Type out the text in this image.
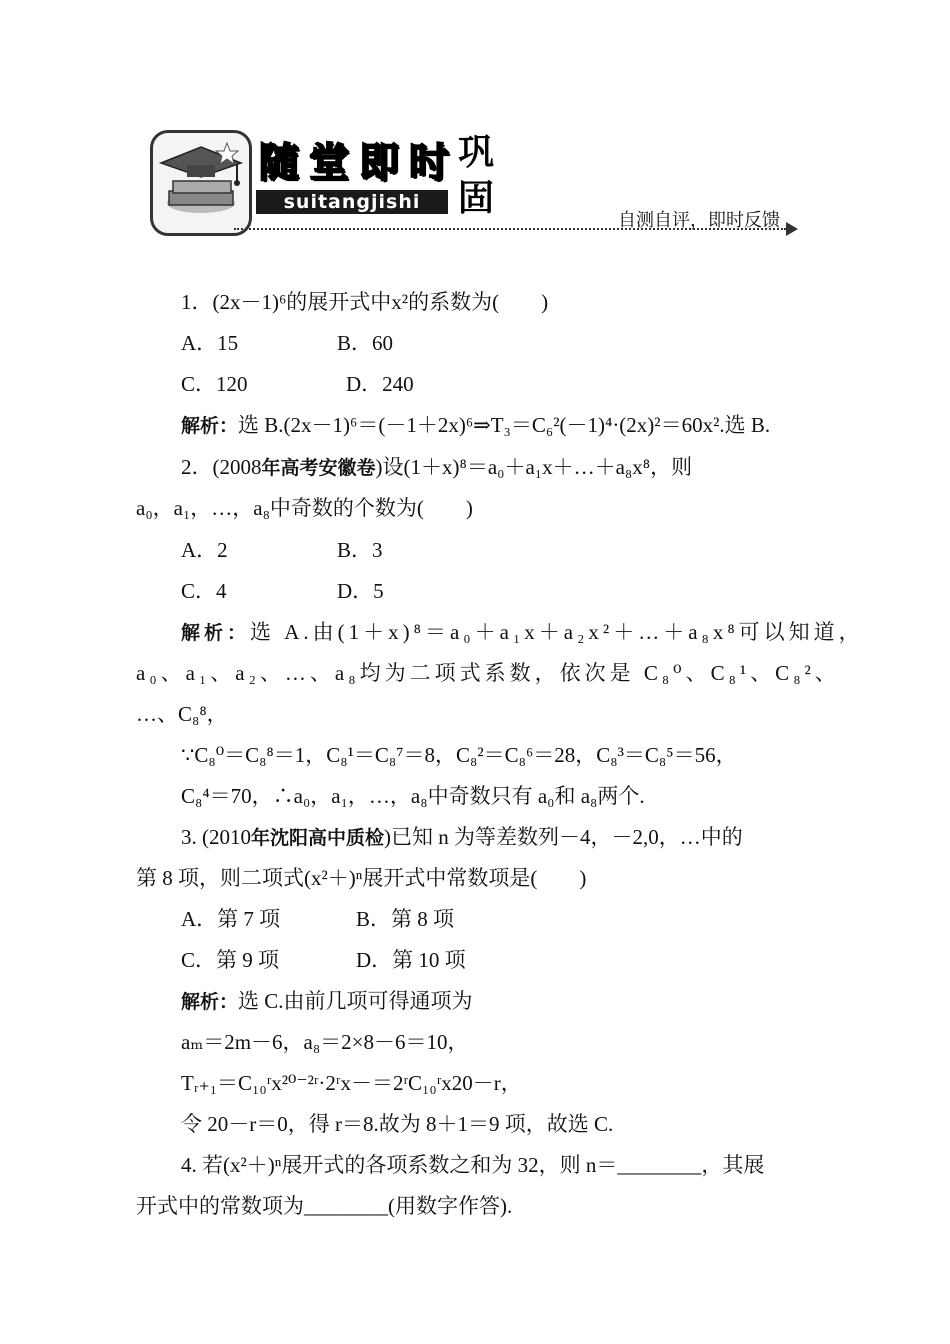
随 堂 即 时
suitangjishi
巩
固
自测自评，即时反馈
1．(2x－1)⁶的展开式中x²的系数为(　　)
A．15	B．60
C．120	D．240
解析：选 B.(2x－1)⁶＝(－1＋2x)⁶⇒T₃＝C₆²(－1)⁴·(2x)²＝60x².选 B.
2．(2008年高考安徽卷)设(1＋x)⁸＝a₀＋a₁x＋…＋a₈x⁸，则
a₀，a₁，…，a₈中奇数的个数为(　　)
A．2	B．3
C．4	D．5
解析：选 A.由(1＋x)⁸＝a₀＋a₁x＋a₂x²＋…＋a₈x⁸可以知道，
a₀、a₁、a₂、…、a₈均为二项式系数，依次是 C₈⁰、C₈¹、C₈²、
…、C₈⁸，
∵C₈⁰＝C₈⁸＝1，C₈¹＝C₈⁷＝8，C₈²＝C₈⁶＝28，C₈³＝C₈⁵＝56，
C₈⁴＝70，∴a₀，a₁，…，a₈中奇数只有 a₀和 a₈两个.
3. (2010年沈阳高中质检)已知 n 为等差数列－4，－2,0，…中的
第 8 项，则二项式(x²＋)ⁿ展开式中常数项是(　　)
A．第 7 项	B．第 8 项
C．第 9 项	D．第 10 项
解析：选 C.由前几项可得通项为
aₘ＝2m－6，a₈＝2×8－6＝10，
Tᵣ₊₁＝C₁₀ʳx²⁰⁻²ʳ·2ʳx－＝2ʳC₁₀ʳx20－r，
令 20－r＝0，得 r＝8.故为 8＋1＝9 项，故选 C.
4. 若(x²＋)ⁿ展开式的各项系数之和为 32，则 n＝________，其展
开式中的常数项为________(用数字作答).
